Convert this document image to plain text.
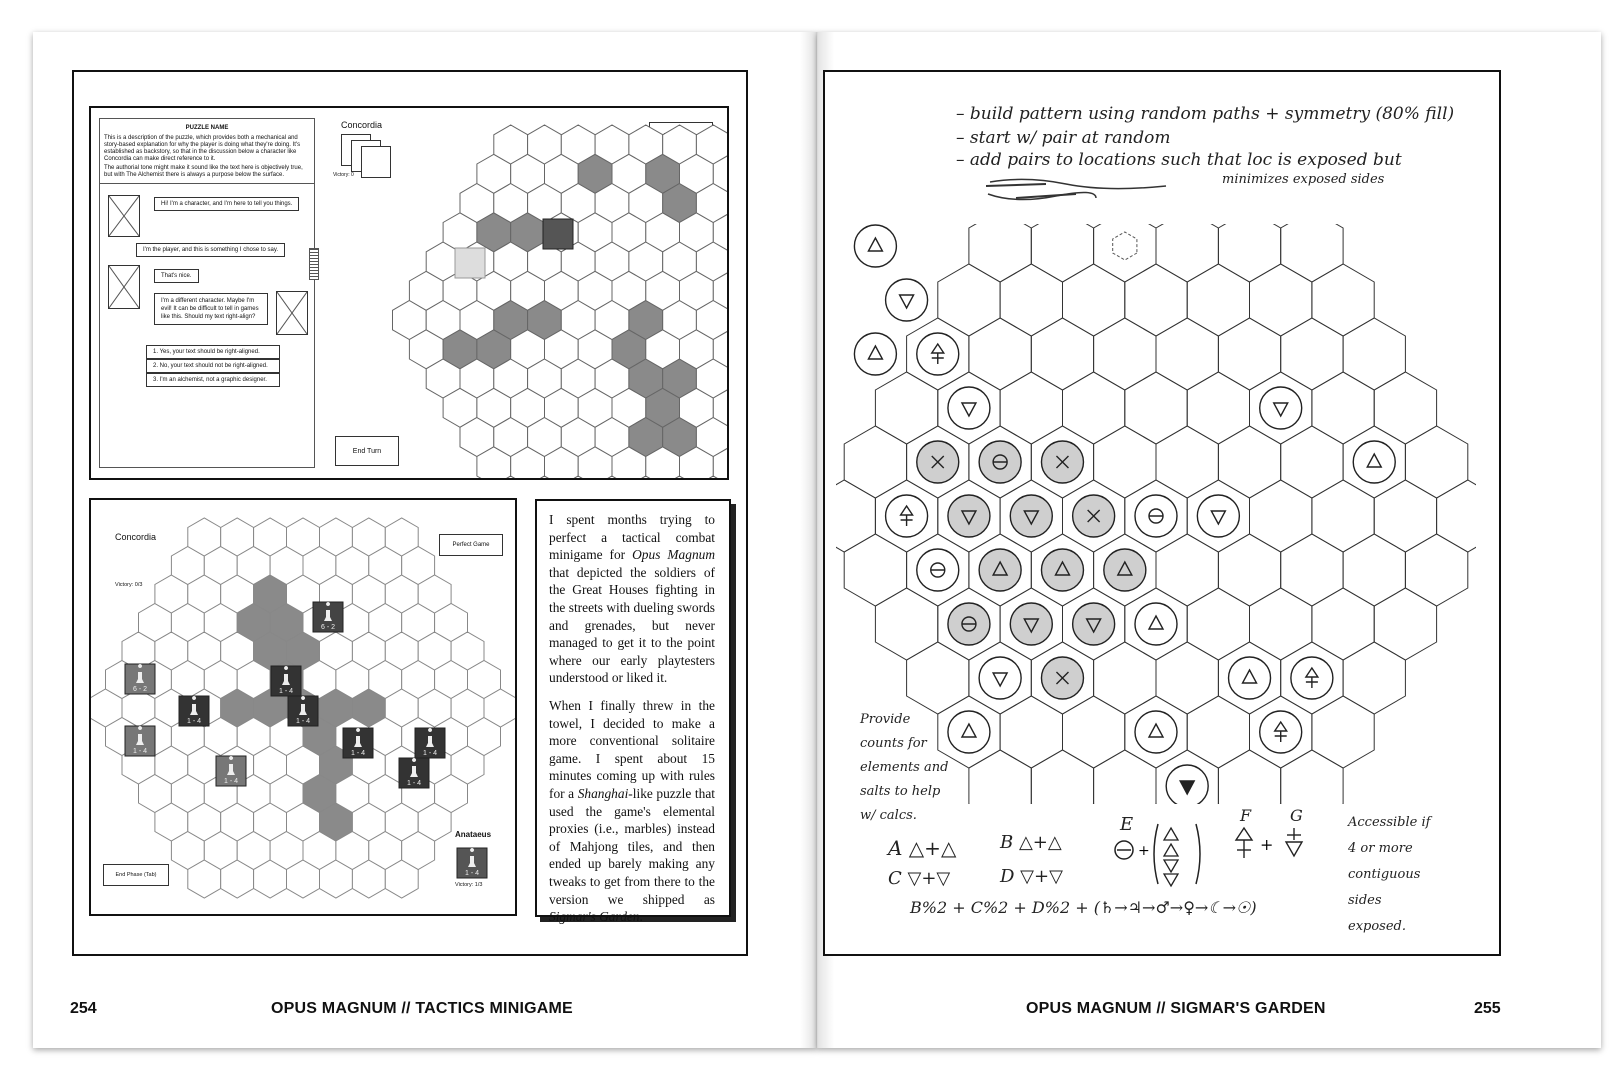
PUZZLE NAME
This is a description of the puzzle, which provides both a mechanical and story-based explanation for why the player is doing what they're doing. It's established as backstory, so that in the discussion below a character like Concordia can make direct reference to it.
The authorial tone might make it sound like the text here is objectively true, but with The Alchemist there is always a purpose below the surface.
Hi! I'm a character, and I'm here to tell you things.
I'm the player, and this is something I chose to say.
That's nice.
I'm a different character. Maybe I'm evil! It can be difficult to tell in games like this. Should my text right-align?
1. Yes, your text should be right-aligned.
2. No, your text should not be right-aligned.
3. I'm an alchemist, not a graphic designer.
Concordia
Victory: 0
End Turn
Concordia
Victory: 0/3
Perfect Game
End Phase (Tab)
Anataeus
Victory: 1/3
6 - 2
6 - 2	1 - 4
1 - 4	1 - 4
1 - 4	1 - 4
1 - 4
1 - 4
1 - 4
1 - 4
I spent months trying to perfect a tactical combat minigame for Opus Magnum that depicted the soldiers of the Great Houses fighting in the streets with dueling swords and grenades, but never managed to get it to the point where our early playtesters understood or liked it.
When I finally threw in the towel, I decided to make a more conventional solitaire game. I spent about 15 minutes coming up with rules for a Shanghai-like puzzle that used the game's elemental proxies (i.e., marbles) instead of Mahjong tiles, and then ended up barely making any tweaks to get from there to the version we shipped as Sigmar's Garden.
254	OPUS MAGNUM // TACTICS MINIGAME
– build pattern using random paths + symmetry (80% fill)
– start w/ pair at random
– add pairs to locations such that loc is exposed but
minimizes exposed sides
Provide counts for elements and salts to help w/ calcs.	Accessible if 4 or more contiguous sides exposed.
A △+△ B △+△
C ▽+▽	D ▽+▽
E	F G
B%2 + C%2 + D%2 + (♄→♃→♂→♀→☾→☉)
+	+
OPUS MAGNUM // SIGMAR'S GARDEN	255
